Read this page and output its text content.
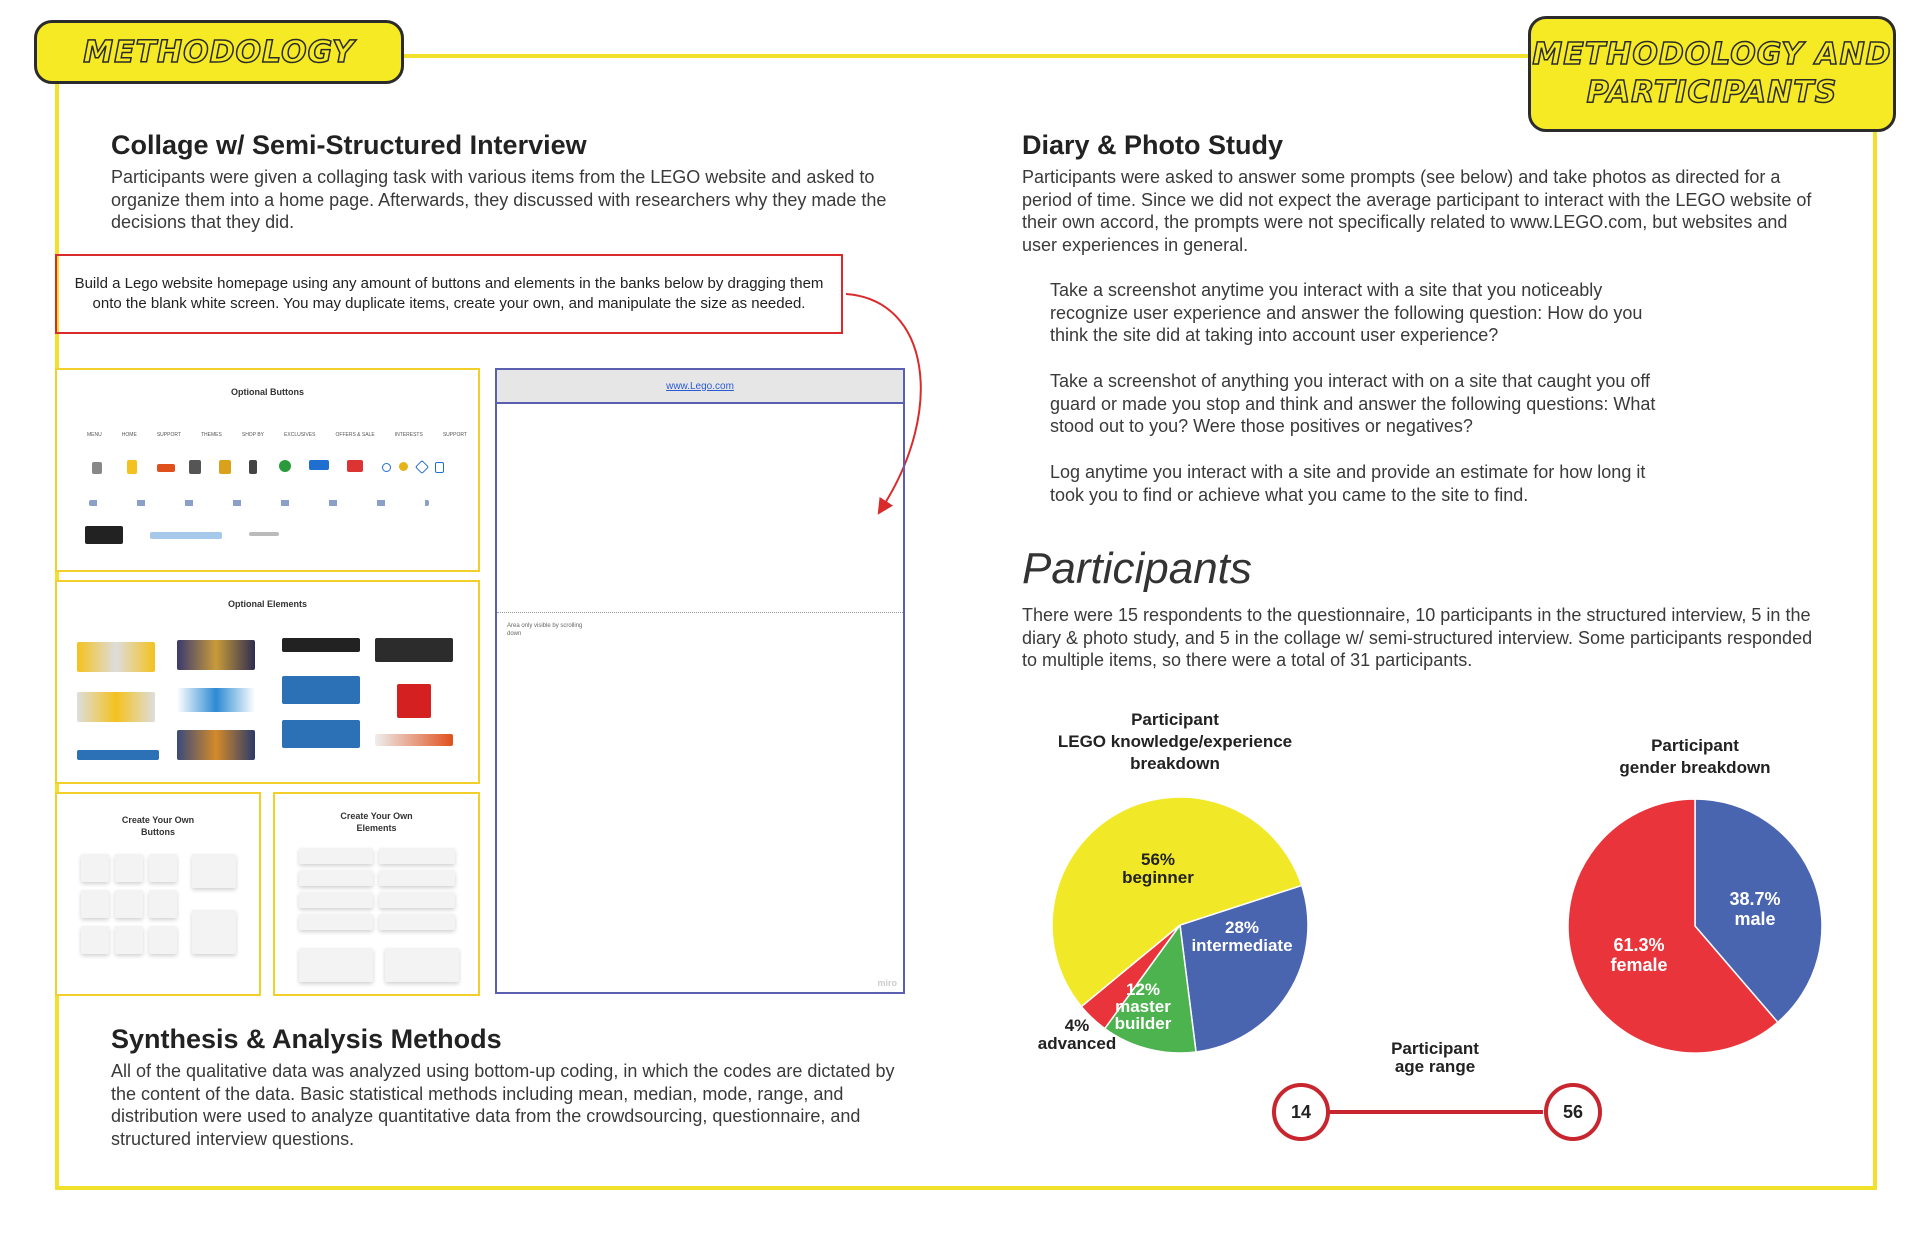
METHODOLOGY	METHODOLOGY AND
PARTICIPANTS
Collage w/ Semi-Structured Interview

Participants were given a collaging task with various items from the LEGO website and asked to organize them into a home page. Afterwards, they discussed with researchers why they made the decisions that they did.

Build a Lego website homepage using any amount of buttons and elements in the banks below by dragging them onto the blank white screen. You may duplicate items, create your own, and manipulate the size as needed.
Optional Buttons
MENU	HOME	SUPPORT	THEMES	SHOP BY	EXCLUSIVES	OFFERS & SALE	INTERESTS	SUPPORT
Optional Elements
Create Your Own Buttons
Create Your Own Elements
www.Lego.com
Area only visible by scrolling down
miro
Synthesis & Analysis Methods

All of the qualitative data was analyzed using bottom-up coding, in which the codes are dictated by the content of the data. Basic statistical methods including mean, median, mode, range, and distribution were used to analyze quantitative data from the crowdsourcing, questionnaire, and structured interview questions.

Diary & Photo Study

Participants were asked to answer some prompts (see below) and take photos as directed for a period of time. Since we did not expect the average participant to interact with the LEGO website of their own accord, the prompts were not specifically related to www.LEGO.com, but websites and user experiences in general.

Take a screenshot anytime you interact with a site that you noticeably recognize user experience and answer the following question: How do you think the site did at taking into account user experience?

Take a screenshot of anything you interact with on a site that caught you off guard or made you stop and think and answer the following questions: What stood out to you? Were those positives or negatives?

Log anytime you interact with a site and provide an estimate for how long it took you to find or achieve what you came to the site to find.

Participants

There were 15 respondents to the questionnaire, 10 participants in the structured interview, 5 in the diary & photo study, and 5 in the collage w/ semi-structured interview. Some participants responded to multiple items, so there were a total of 31 participants.

Participant
LEGO knowledge/experience
breakdown
56%
beginner
28%
intermediate
12%
master
builder
4%
advanced
Participant
gender breakdown
38.7%
male
61.3%
female
Participant
age range
14	56
